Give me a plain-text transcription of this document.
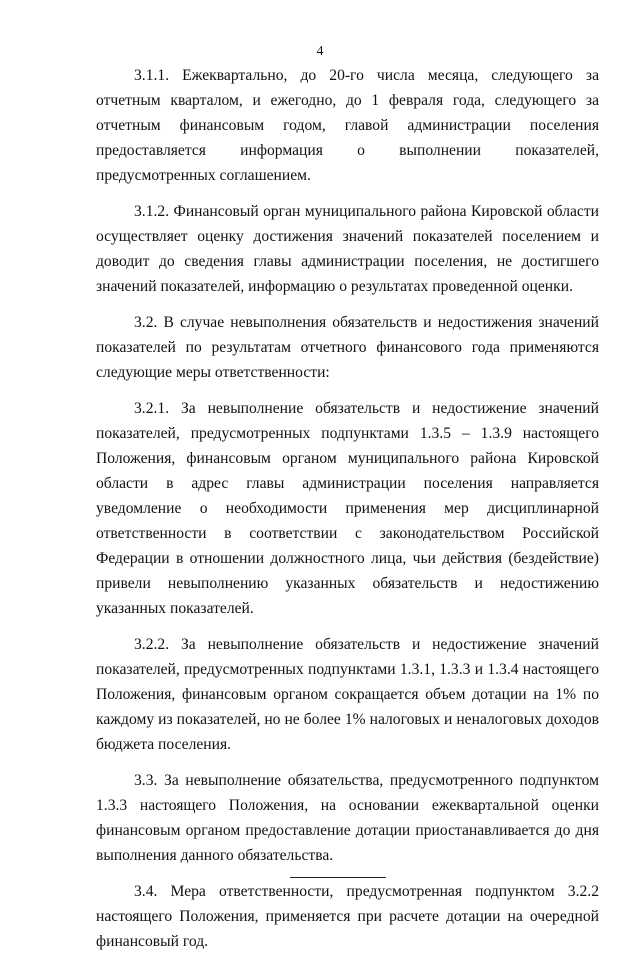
4

3.1.1. Ежеквартально, до 20-го числа месяца, следующего за отчетным кварталом, и ежегодно, до 1 февраля года, следующего за отчетным финансовым годом, главой администрации поселения предоставляется информация о выполнении показателей, предусмотренных соглашением.

3.1.2. Финансовый орган муниципального района Кировской области осуществляет оценку достижения значений показателей поселением и доводит до сведения главы администрации поселения, не достигшего значений показателей, информацию о результатах проведенной оценки.

3.2. В случае невыполнения обязательств и недостижения значений показателей по результатам отчетного финансового года применяются следующие меры ответственности:

3.2.1. За невыполнение обязательств и недостижение значений показателей, предусмотренных подпунктами 1.3.5 – 1.3.9 настоящего Положения, финансовым органом муниципального района Кировской области в адрес главы администрации поселения направляется уведомление о необходимости применения мер дисциплинарной ответственности в соответствии с законодательством Российской Федерации в отношении должностного лица, чьи действия (бездействие) привели невыполнению указанных обязательств и недостижению указанных показателей.

3.2.2. За невыполнение обязательств и недостижение значений показателей, предусмотренных подпунктами 1.3.1, 1.3.3 и 1.3.4 настоящего Положения, финансовым органом сокращается объем дотации на 1% по каждому из показателей, но не более 1% налоговых и неналоговых доходов бюджета поселения.

3.3. За невыполнение обязательства, предусмотренного подпунктом 1.3.3 настоящего Положения, на основании ежеквартальной оценки финансовым органом предоставление дотации приостанавливается до дня выполнения данного обязательства.

3.4. Мера ответственности, предусмотренная подпунктом 3.2.2 настоящего Положения, применяется при расчете дотации на очередной финансовый год.
